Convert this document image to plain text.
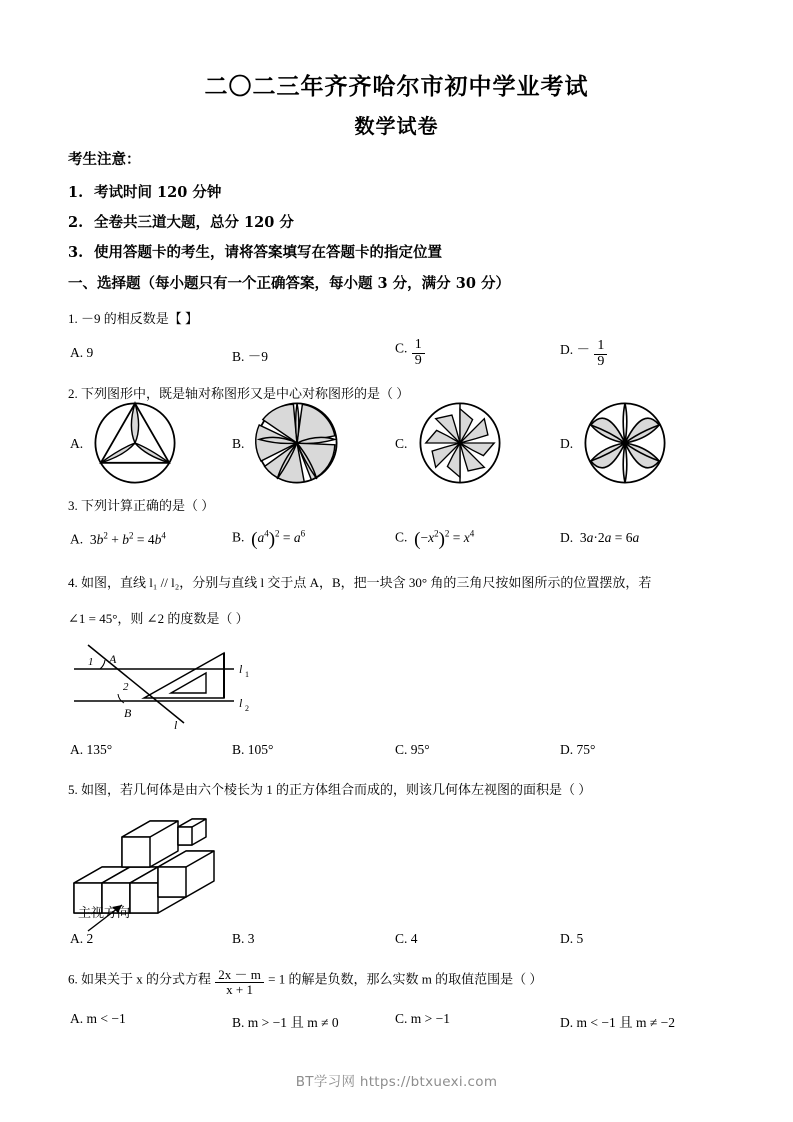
二〇二三年齐齐哈尔市初中学业考试
数学试卷
考生注意：
1. 考试时间 120 分钟
2. 全卷共三道大题，总分 120 分
3. 使用答题卡的考生，请将答案填写在答题卡的指定位置
一、选择题（每小题只有一个正确答案，每小题 3 分，满分 30 分）
1. －9 的相反数是【 】
A. 9	B. －9
C. $\frac{1}{9}$	D. － $\frac{1}{9}$
2. 下列图形中，既是轴对称图形又是中心对称图形的是（ ）
A.	B.	C.	D.
3. 下列计算正确的是（ ）
A.  $3b^2 + b^2 = 4b^4$	B. $(a^4)^2 = a^6$	C. $(-x^2)^2 = x^4$	D.  3a·2a = 6a
4. 如图，直线 l₁ // l₂，分别与直线 l 交于点 A，B，把一块含 30° 角的三角尺按如图所示的位置摆放，若
∠1 = 45°，则 ∠2 的度数是（ ）
1 A
2
B
l 1
l 2
l
A. 135°	B. 105°	C. 95°	D. 75°
5. 如图，若几何体是由六个棱长为 1 的正方体组合而成的，则该几何体左视图的面积是（ ）
主视方向
A. 2	B. 3	C. 4	D. 5
6. 如果关于 x 的分式方程 $\frac{2x - m}{x + 1} = 1$ 的解是负数，那么实数 m 的取值范围是（ ）
A. m < −1	B. m > −1 且 m ≠ 0	C. m > −1	D. m < −1 且 m ≠ −2
BT学习网 https://btxuexi.com
